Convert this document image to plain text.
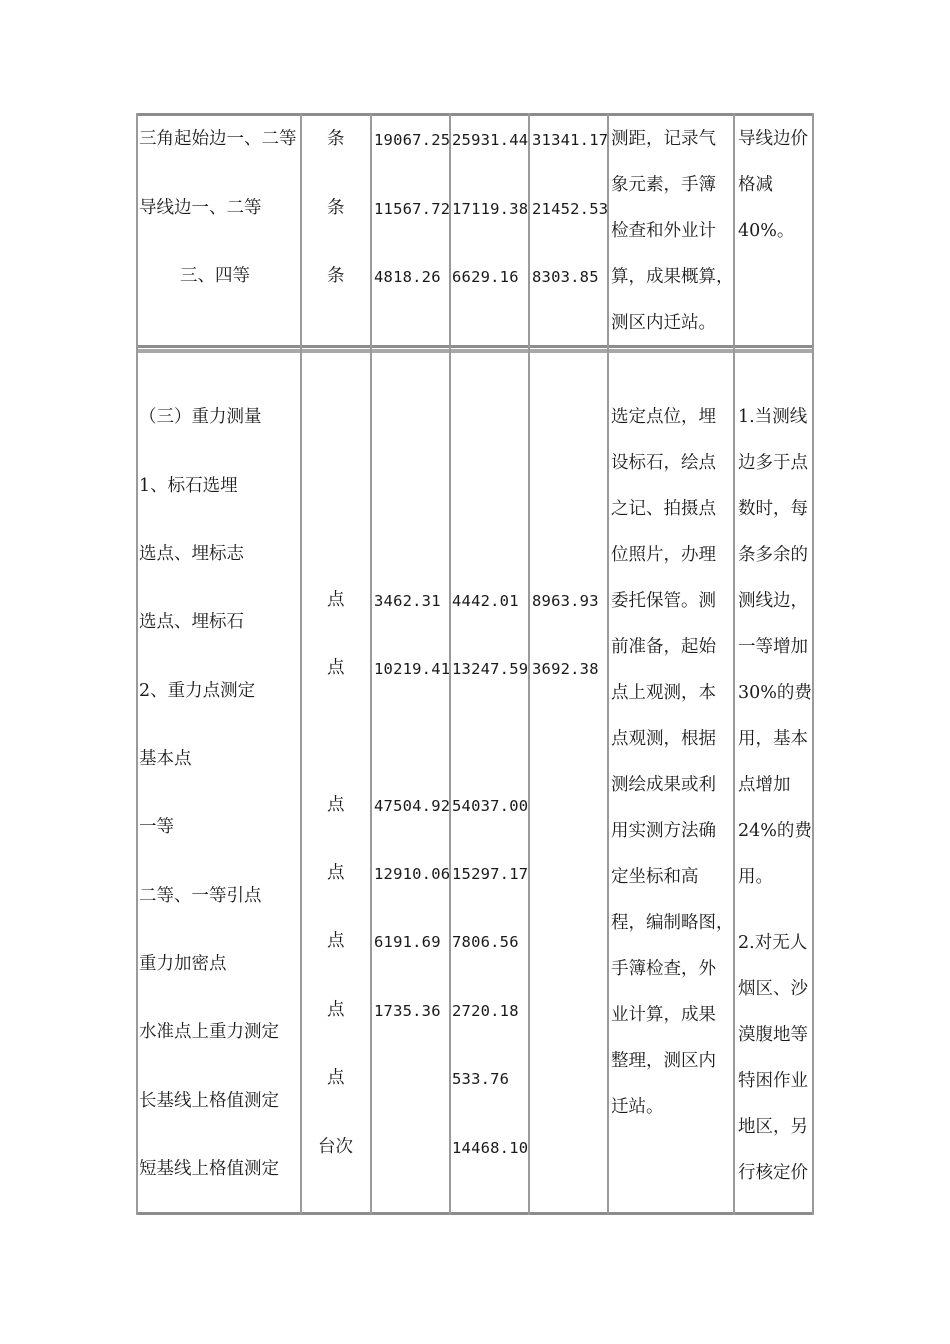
三角起始边一、二等
导线边一、二等
三、四等
条
条
条
19067.25
11567.72
4818.26
25931.44
17119.38
6629.16
31341.17
21452.53
8303.85
测距，记录气
象元素，手簿
检查和外业计
算，成果概算，
测区内迁站。
导线边价
格减
40%。
（三）重力测量
1、标石选埋
选点、埋标志
选点、埋标石
2、重力点测定
基本点
一等
二等、一等引点
重力加密点
水准点上重力测定
长基线上格值测定
短基线上格值测定
点
点
点
点
点
点
点
台次
3462.31
10219.41
47504.92
12910.06
6191.69
1735.36
4442.01
13247.59
54037.00
15297.17
7806.56
2720.18
533.76
14468.10
8963.93
3692.38
选定点位，埋
设标石，绘点
之记、拍摄点
位照片，办理
委托保管。测
前准备，起始
点上观测，本
点观测，根据
测绘成果或利
用实测方法确
定坐标和高
程，编制略图，
手簿检查，外
业计算，成果
整理，测区内
迁站。
1.当测线
边多于点
数时，每
条多余的
测线边，
一等增加
30%的费
用，基本
点增加
24%的费
用。
2.对无人
烟区、沙
漠腹地等
特困作业
地区，另
行核定价
